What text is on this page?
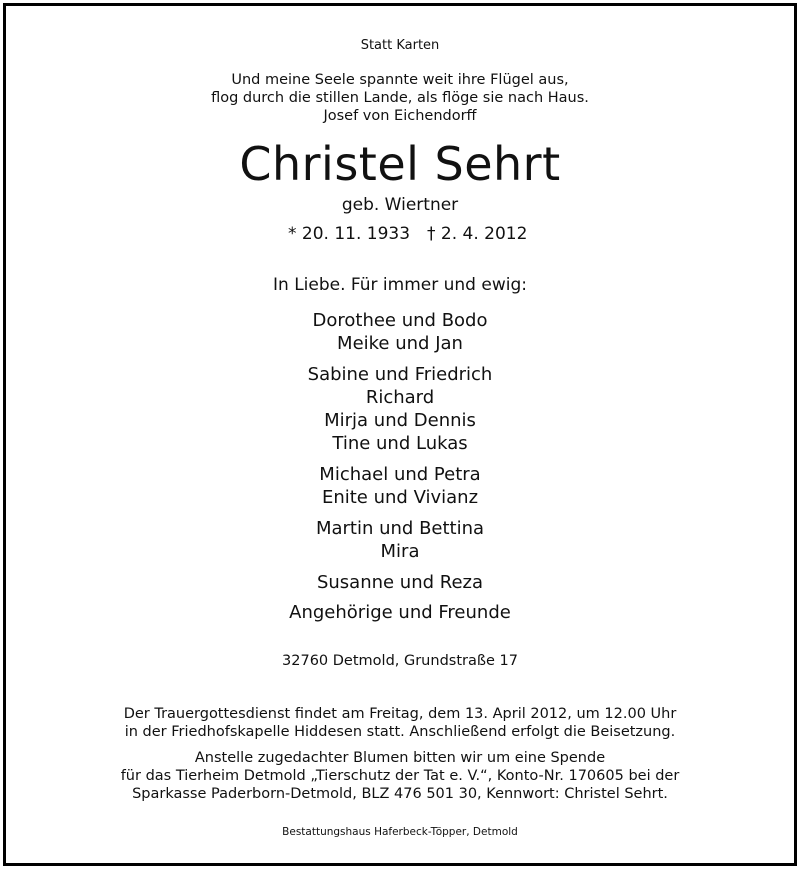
Statt Karten
Und meine Seele spannte weit ihre Flügel aus,
flog durch die stillen Lande, als flöge sie nach Haus.
Josef von Eichendorff
Christel Sehrt
geb. Wiertner
* 20. 11. 1933 † 2. 4. 2012
In Liebe. Für immer und ewig:
Dorothee und Bodo
Meike und Jan
Sabine und Friedrich
Richard
Mirja und Dennis
Tine und Lukas
Michael und Petra
Enite und Vivianz
Martin und Bettina
Mira
Susanne und Reza
Angehörige und Freunde
32760 Detmold, Grundstraße 17
Der Trauergottesdienst findet am Freitag, dem 13. April 2012, um 12.00 Uhr
in der Friedhofskapelle Hiddesen statt. Anschließend erfolgt die Beisetzung.
Anstelle zugedachter Blumen bitten wir um eine Spende
für das Tierheim Detmold „Tierschutz der Tat e. V.“, Konto-Nr. 170605 bei der
Sparkasse Paderborn-Detmold, BLZ 476 501 30, Kennwort: Christel Sehrt.
Bestattungshaus Haferbeck-Töpper, Detmold
